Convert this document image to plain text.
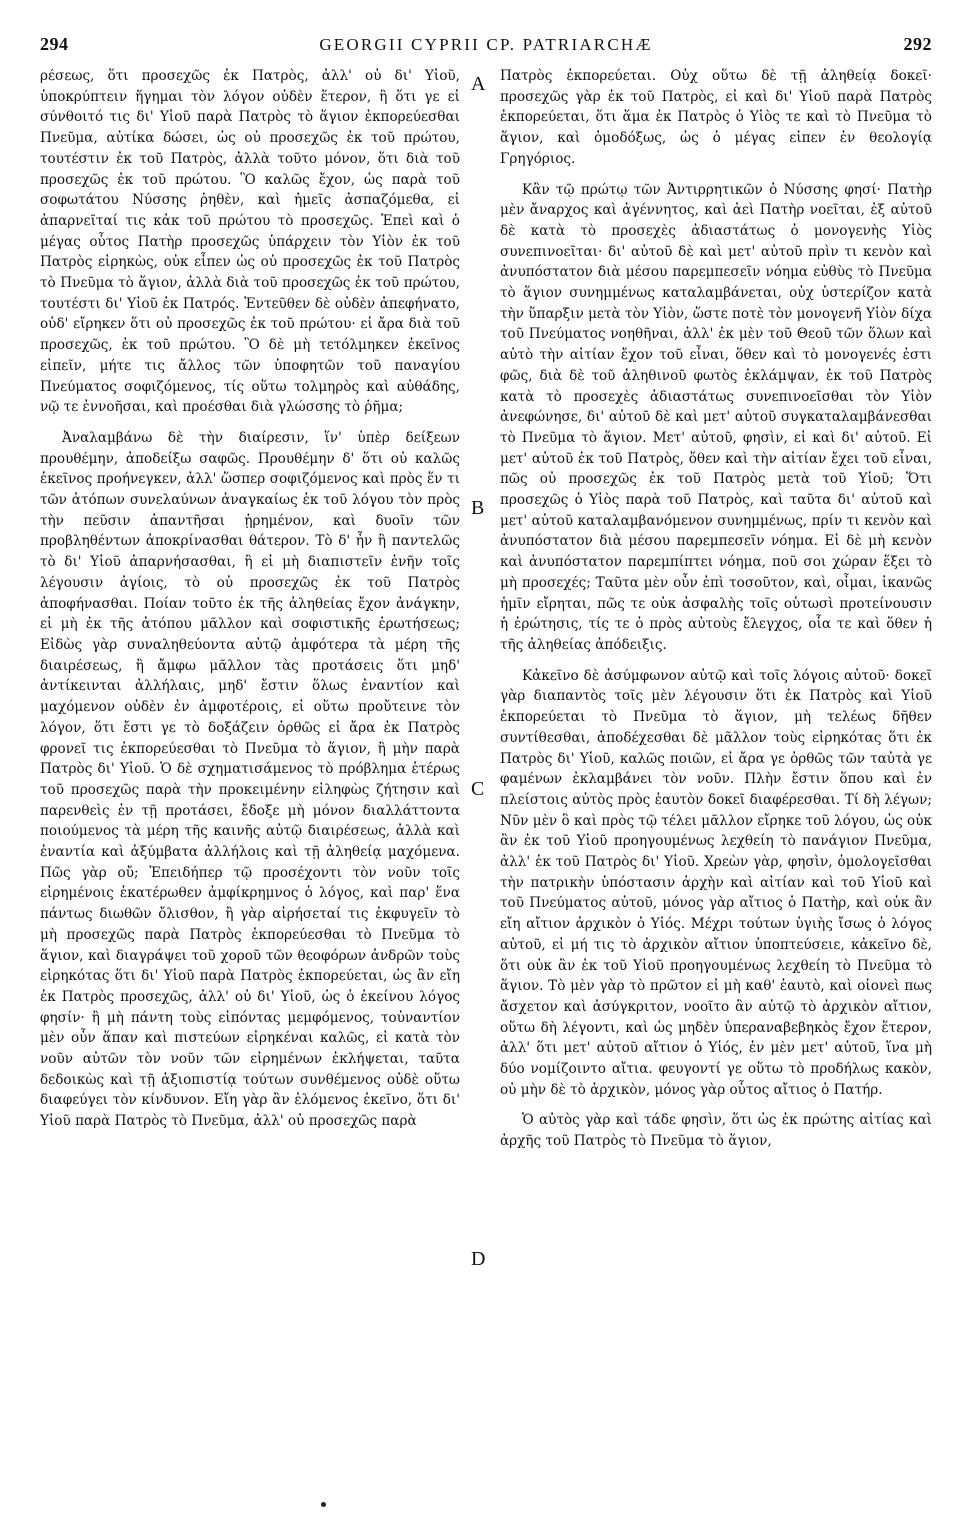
294	GEORGII CYPRII CP. PATRIARCHÆ	292

ρέσεως, ὅτι προσεχῶς ἐκ Πατρὸς, ἀλλ' οὐ δι' Υἱοῦ, ὑποκρύπτειν ἥγημαι τὸν λόγον οὐδὲν ἕτερον, ἢ ὅτι γε εἰ σύνθοιτό τις δι' Υἱοῦ παρὰ Πατρὸς τὸ ἅγιον ἐκπορεύεσθαι Πνεῦμα, αὐτίκα δώσει, ὡς οὐ προσεχῶς ἐκ τοῦ πρώτου, τουτέστιν ἐκ τοῦ Πατρὸς, ἀλλὰ τοῦτο μόνον, ὅτι διὰ τοῦ προσεχῶς ἐκ τοῦ πρώτου. Ὃ καλῶς ἔχον, ὡς παρὰ τοῦ σοφωτάτου Νύσσης ῥηθὲν, καὶ ἡμεῖς ἀσπαζόμεθα, εἰ ἀπαρνεῖταί τις κἀκ τοῦ πρώτου τὸ προσεχῶς. Ἐπεὶ καὶ ὁ μέγας οὗτος Πατὴρ προσεχῶς ὑπάρχειν τὸν Υἱὸν ἐκ τοῦ Πατρὸς εἰρηκὼς, οὐκ εἶπεν ὡς οὐ προσεχῶς ἐκ τοῦ Πατρὸς τὸ Πνεῦμα τὸ ἅγιον, ἀλλὰ διὰ τοῦ προσεχῶς ἐκ τοῦ πρώτου, τουτέστι δι' Υἱοῦ ἐκ Πατρός. Ἐντεῦθεν δὲ οὐδὲν ἀπεφήνατο, οὐδ' εἴρηκεν ὅτι οὐ προσεχῶς ἐκ τοῦ πρώτου· εἰ ἄρα διὰ τοῦ προσεχῶς, ἐκ τοῦ πρώτου. Ὃ δὲ μὴ τετόλμηκεν ἐκεῖνος εἰπεῖν, μήτε τις ἄλλος τῶν ὑποφητῶν τοῦ παναγίου Πνεύματος σοφιζόμενος, τίς οὕτω τολμηρὸς καὶ αὐθάδης, νῷ τε ἐννοῆσαι, καὶ προέσθαι διὰ γλώσσης τὸ ῥῆμα;

Ἀναλαμβάνω δὲ τὴν διαίρεσιν, ἵν' ὑπὲρ δείξεων προυθέμην, ἀποδείξω σαφῶς. Προυθέμην δ' ὅτι οὐ καλῶς ἐκεῖνος προήνεγκεν, ἀλλ' ὥσπερ σοφιζόμενος καὶ πρὸς ἕν τι τῶν ἀτόπων συνελαύνων ἀναγκαίως ἐκ τοῦ λόγου τὸν πρὸς τὴν πεῦσιν ἀπαντῆσαι ᾑρημένον, καὶ δυοῖν τῶν προβληθέντων ἀποκρίνασθαι θάτερον. Τὸ δ' ἦν ἢ παντελῶς τὸ δι' Υἱοῦ ἀπαρνήσασθαι, ἢ εἰ μὴ διαπιστεῖν ἐνῆν τοῖς λέγουσιν ἁγίοις, τὸ οὐ προσεχῶς ἐκ τοῦ Πατρὸς ἀποφήνασθαι. Ποίαν τοῦτο ἐκ τῆς ἀληθείας ἔχον ἀνάγκην, εἰ μὴ ἐκ τῆς ἀτόπου μᾶλλον καὶ σοφιστικῆς ἐρωτήσεως; Εἰδὼς γὰρ συναληθεύοντα αὐτῷ ἀμφότερα τὰ μέρη τῆς διαιρέσεως, ἢ ἄμφω μᾶλλον τὰς προτάσεις ὅτι μηδ' ἀντίκεινται ἀλλήλαις, μηδ' ἔστιν ὅλως ἐναντίον καὶ μαχόμενον οὐδὲν ἐν ἀμφοτέροις, εἰ οὕτω προὔτεινε τὸν λόγον, ὅτι ἔστι γε τὸ δοξάζειν ὀρθῶς εἰ ἄρα ἐκ Πατρὸς φρονεῖ τις ἐκπορεύεσθαι τὸ Πνεῦμα τὸ ἅγιον, ἢ μὴν παρὰ Πατρὸς δι' Υἱοῦ. Ὁ δὲ σχηματισάμενος τὸ πρόβλημα ἑτέρως τοῦ προσεχῶς παρὰ τὴν προκειμένην εἰληφὼς ζήτησιν καὶ παρενθεὶς ἐν τῇ προτάσει, ἔδοξε μὴ μόνον διαλλάττοντα ποιούμενος τὰ μέρη τῆς καινῆς αὐτῷ διαιρέσεως, ἀλλὰ καὶ ἐναντία καὶ ἀξύμβατα ἀλλήλοις καὶ τῇ ἀληθείᾳ μαχόμενα. Πῶς γὰρ οὔ; Ἐπειδήπερ τῷ προσέχοντι τὸν νοῦν τοῖς εἰρημένοις ἑκατέρωθεν ἀμφίκρημνος ὁ λόγος, καὶ παρ' ἕνα πάντως διωθῶν ὄλισθον, ἢ γὰρ αἱρήσεταί τις ἐκφυγεῖν τὸ μὴ προσεχῶς παρὰ Πατρὸς ἐκπορεύεσθαι τὸ Πνεῦμα τὸ ἅγιον, καὶ διαγράψει τοῦ χοροῦ τῶν θεοφόρων ἀνδρῶν τοὺς εἰρηκότας ὅτι δι' Υἱοῦ παρὰ Πατρὸς ἐκπορεύεται, ὡς ἂν εἴη ἐκ Πατρὸς προσεχῶς, ἀλλ' οὐ δι' Υἱοῦ, ὡς ὁ ἐκείνου λόγος φησίν· ἢ μὴ πάντη τοὺς εἰπόντας μεμφόμενος, τοὐναντίον μὲν οὖν ἅπαν καὶ πιστεύων εἰρηκέναι καλῶς, εἰ κατὰ τὸν νοῦν αὐτῶν τὸν νοῦν τῶν εἰρημένων ἐκλήψεται, ταῦτα δεδοικὼς καὶ τῇ ἀξιοπιστίᾳ τούτων συνθέμενος οὐδὲ οὕτω διαφεύγει τὸν κίνδυνον. Εἴη γὰρ ἂν ἑλόμενος ἐκεῖνο, ὅτι δι' Υἱοῦ παρὰ Πατρὸς τὸ Πνεῦμα, ἀλλ' οὐ προσεχῶς παρὰ

A
B
C
D

Πατρὸς ἐκπορεύεται. Οὐχ οὕτω δὲ τῇ ἀληθείᾳ δοκεῖ· προσεχῶς γὰρ ἐκ τοῦ Πατρὸς, εἰ καὶ δι' Υἱοῦ παρὰ Πατρὸς ἐκπορεύεται, ὅτι ἅμα ἐκ Πατρὸς ὁ Υἱὸς τε καὶ τὸ Πνεῦμα τὸ ἅγιον, καὶ ὁμοδόξως, ὡς ὁ μέγας εἰπεν ἐν θεολογίᾳ Γρηγόριος.

Κἂν τῷ πρώτῳ τῶν Ἀντιρρητικῶν ὁ Νύσσης φησί· Πατὴρ μὲν ἄναρχος καὶ ἀγέννητος, καὶ ἀεὶ Πατὴρ νοεῖται, ἐξ αὐτοῦ δὲ κατὰ τὸ προσεχὲς ἀδιαστάτως ὁ μονογενὴς Υἱὸς συνεπινοεῖται· δι' αὐτοῦ δὲ καὶ μετ' αὐτοῦ πρὶν τι κενὸν καὶ ἀνυπόστατον διὰ μέσου παρεμπεσεῖν νόημα εὐθὺς τὸ Πνεῦμα τὸ ἅγιον συνημμένως καταλαμβάνεται, οὐχ ὑστερίζον κατὰ τὴν ὕπαρξιν μετὰ τὸν Υἱὸν, ὥστε ποτὲ τὸν μονογενῆ Υἱὸν δίχα τοῦ Πνεύματος νοηθῆναι, ἀλλ' ἐκ μὲν τοῦ Θεοῦ τῶν ὅλων καὶ αὐτὸ τὴν αἰτίαν ἔχον τοῦ εἶναι, ὅθεν καὶ τὸ μονογενές ἐστι φῶς, διὰ δὲ τοῦ ἀληθινοῦ φωτὸς ἐκλάμψαν, ἐκ τοῦ Πατρὸς κατὰ τὸ προσεχὲς ἀδιαστάτως συνεπινοεῖσθαι τὸν Υἱὸν ἀνεφώνησε, δι' αὐτοῦ δὲ καὶ μετ' αὐτοῦ συγκαταλαμβάνεσθαι τὸ Πνεῦμα τὸ ἅγιον. Μετ' αὐτοῦ, φησὶν, εἰ καὶ δι' αὐτοῦ. Εἰ μετ' αὐτοῦ ἐκ τοῦ Πατρὸς, ὅθεν καὶ τὴν αἰτίαν ἔχει τοῦ εἶναι, πῶς οὐ προσεχῶς ἐκ τοῦ Πατρὸς μετὰ τοῦ Υἱοῦ; Ὅτι προσεχῶς ὁ Υἱὸς παρὰ τοῦ Πατρὸς, καὶ ταῦτα δι' αὐτοῦ καὶ μετ' αὐτοῦ καταλαμβανόμενον συνημμένως, πρίν τι κενὸν καὶ ἀνυπόστατον διὰ μέσου παρεμπεσεῖν νόημα. Εἰ δὲ μὴ κενὸν καὶ ἀνυπόστατον παρεμπίπτει νόημα, ποῦ σοι χώραν ἕξει τὸ μὴ προσεχές; Ταῦτα μὲν οὖν ἐπὶ τοσοῦτον, καὶ, οἶμαι, ἱκανῶς ἡμῖν εἴρηται, πῶς τε οὐκ ἀσφαλὴς τοῖς οὑτωσὶ προτείνουσιν ἡ ἐρώτησις, τίς τε ὁ πρὸς αὐτοὺς ἔλεγχος, οἷα τε καὶ ὅθεν ἡ τῆς ἀληθείας ἀπόδειξις.

Κἀκεῖνο δὲ ἀσύμφωνον αὐτῷ καὶ τοῖς λόγοις αὐτοῦ· δοκεῖ γὰρ διαπαντὸς τοῖς μὲν λέγουσιν ὅτι ἐκ Πατρὸς καὶ Υἱοῦ ἐκπορεύεται τὸ Πνεῦμα τὸ ἅγιον, μὴ τελέως δῆθεν συντίθεσθαι, ἀποδέχεσθαι δὲ μᾶλλον τοὺς εἰρηκότας ὅτι ἐκ Πατρὸς δι' Υἱοῦ, καλῶς ποιῶν, εἰ ἄρα γε ὀρθῶς τῶν ταὐτὰ γε φαμένων ἐκλαμβάνει τὸν νοῦν. Πλὴν ἔστιν ὅπου καὶ ἐν πλείστοις αὐτὸς πρὸς ἑαυτὸν δοκεῖ διαφέρεσθαι. Τί δὴ λέγων; Νῦν μὲν ὃ καὶ πρὸς τῷ τέλει μᾶλλον εἴρηκε τοῦ λόγου, ὡς οὐκ ἂν ἐκ τοῦ Υἱοῦ προηγουμένως λεχθείη τὸ πανάγιον Πνεῦμα, ἀλλ' ἐκ τοῦ Πατρὸς δι' Υἱοῦ. Χρεὼν γὰρ, φησὶν, ὁμολογεῖσθαι τὴν πατρικὴν ὑπόστασιν ἀρχὴν καὶ αἰτίαν καὶ τοῦ Υἱοῦ καὶ τοῦ Πνεύματος αὐτοῦ, μόνος γὰρ αἴτιος ὁ Πατὴρ, καὶ οὐκ ἂν εἴη αἴτιον ἀρχικὸν ὁ Υἱός. Μέχρι τούτων ὑγιὴς ἴσως ὁ λόγος αὐτοῦ, εἰ μή τις τὸ ἀρχικὸν αἴτιον ὑποπτεύσειε, κἀκεῖνο δὲ, ὅτι οὐκ ἂν ἐκ τοῦ Υἱοῦ προηγουμένως λεχθείη τὸ Πνεῦμα τὸ ἅγιον. Τὸ μὲν γὰρ τὸ πρῶτον εἰ μὴ καθ' ἑαυτὸ, καὶ οἱονεὶ πως ἄσχετον καὶ ἀσύγκριτον, νοοῖτο ἂν αὐτῷ τὸ ἀρχικὸν αἴτιον, οὕτω δὴ λέγοντι, καὶ ὡς μηδὲν ὑπεραναβεβηκὸς ἔχον ἕτερον, ἀλλ' ὅτι μετ' αὐτοῦ αἴτιον ὁ Υἱός, ἐν μὲν μετ' αὐτοῦ, ἵνα μὴ δύο νομίζοιντο αἴτια. φευγοντί γε οὕτω τὸ προδήλως κακὸν, οὐ μὴν δὲ τὸ ἀρχικὸν, μόνος γὰρ οὗτος αἴτιος ὁ Πατήρ.

Ὁ αὐτὸς γὰρ καὶ τάδε φησὶν, ὅτι ὡς ἐκ πρώτης αἰτίας καὶ ἀρχῆς τοῦ Πατρὸς τὸ Πνεῦμα τὸ ἅγιον,
